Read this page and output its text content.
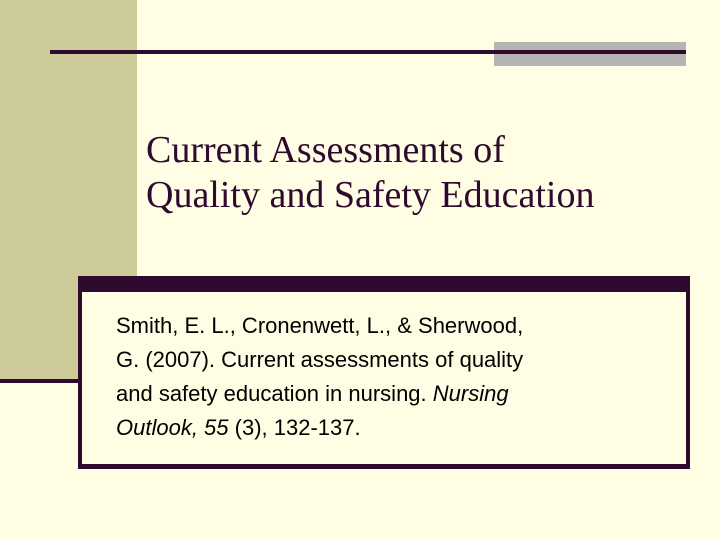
Current Assessments of
Quality and Safety Education

Smith, E. L., Cronenwett, L., & Sherwood,
G. (2007). Current assessments of quality
and safety education in nursing. Nursing
Outlook, 55 (3), 132-137.
